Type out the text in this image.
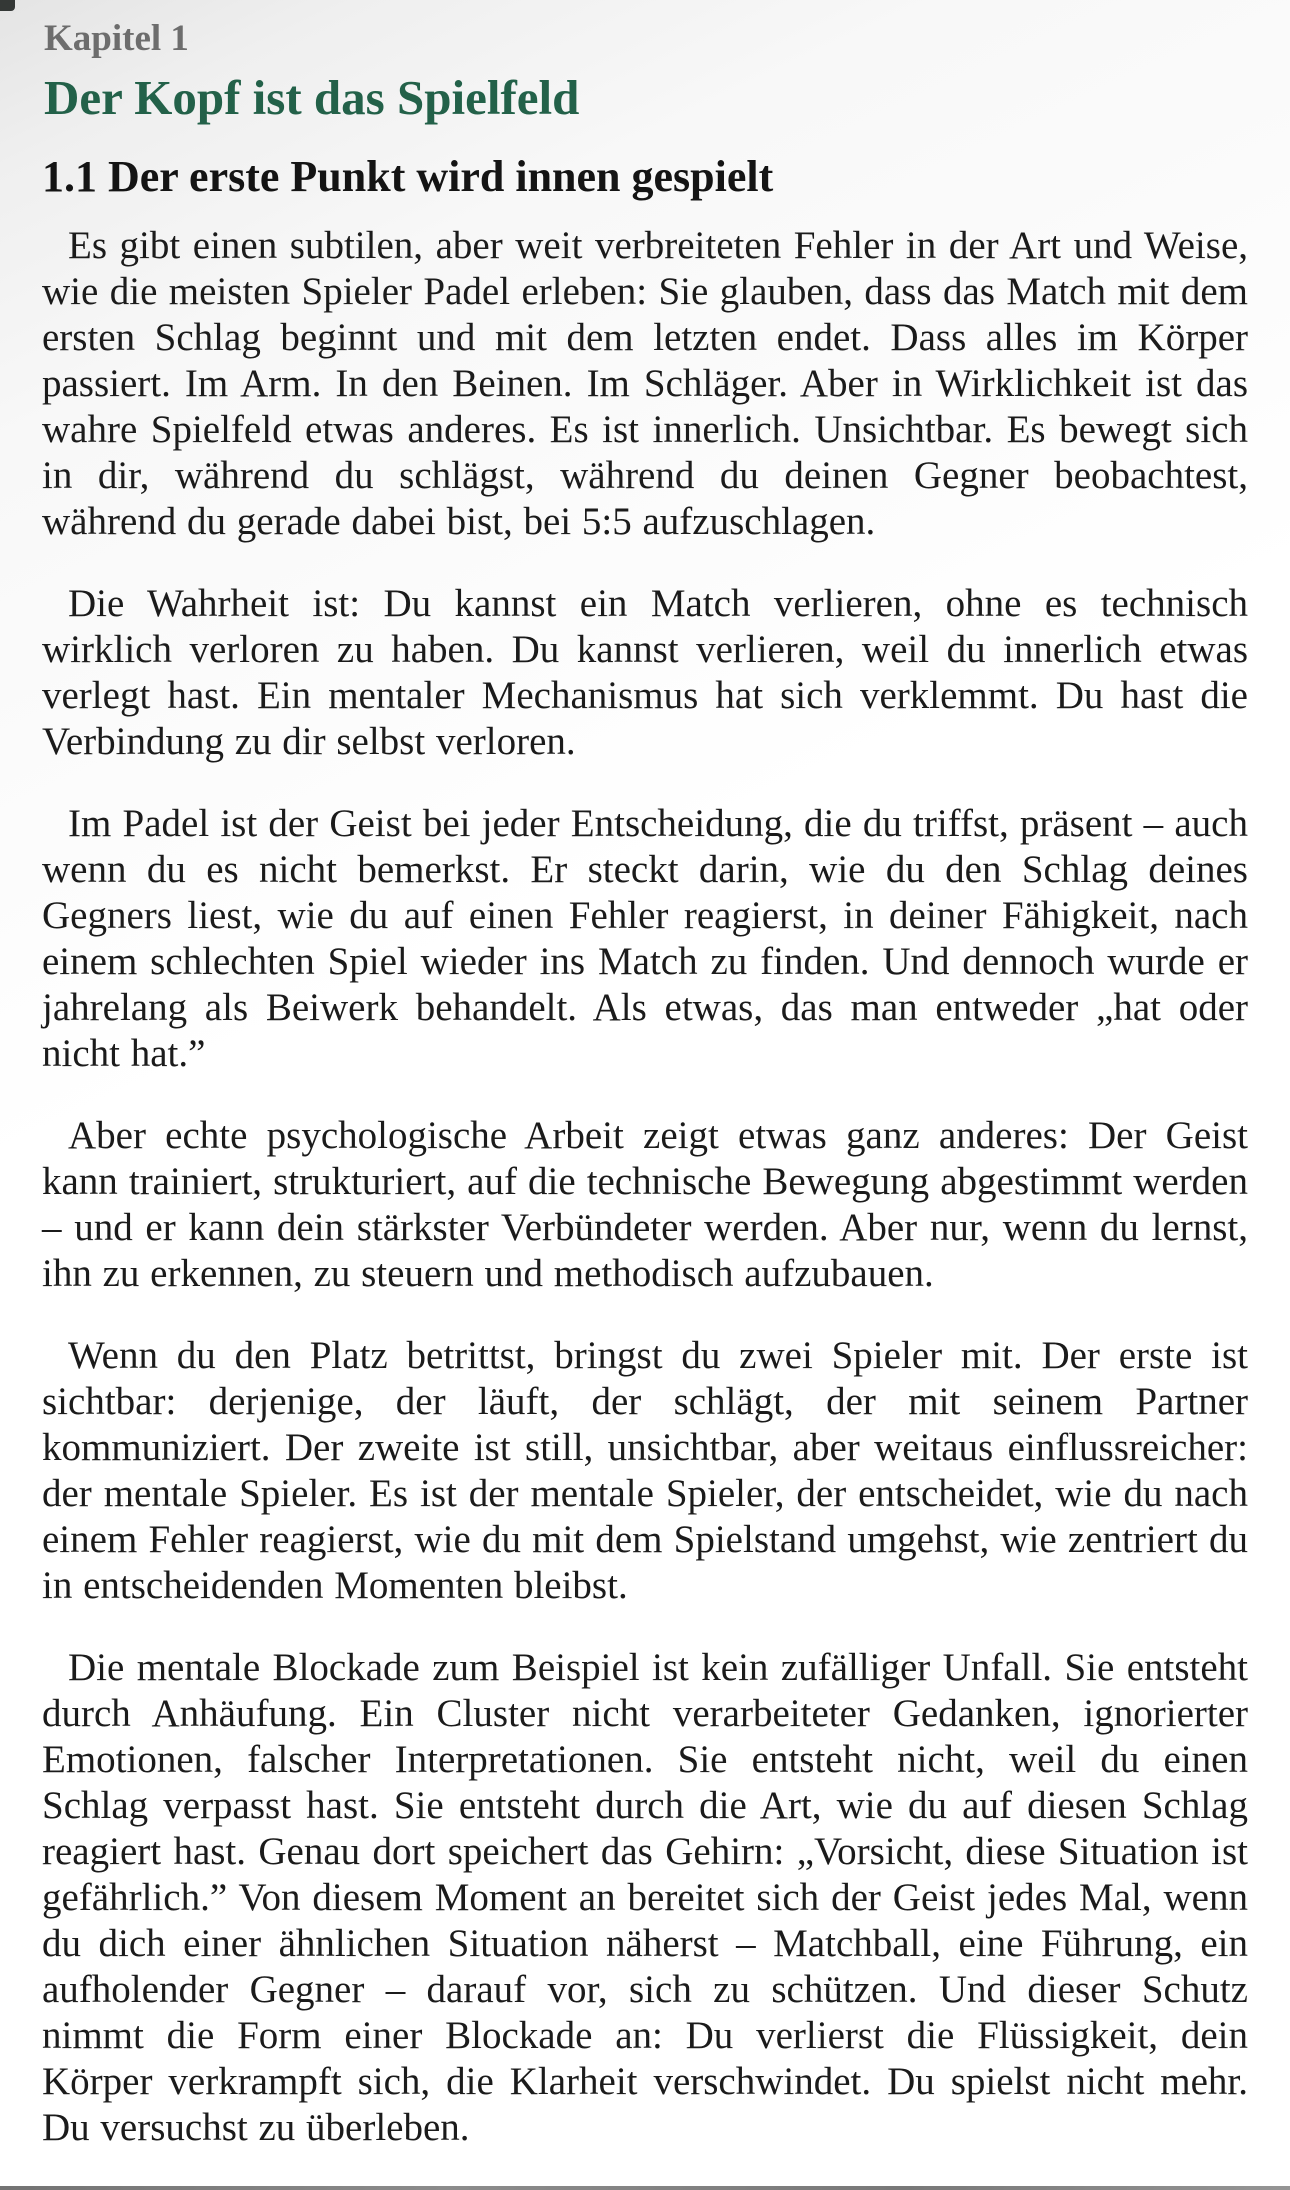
Kapitel 1
Der Kopf ist das Spielfeld
1.1 Der erste Punkt wird innen gespielt

Es gibt einen subtilen, aber weit verbreiteten Fehler in der Art und Weise, wie die meisten Spieler Padel erleben: Sie glauben, dass das Match mit dem ersten Schlag beginnt und mit dem letzten endet. Dass alles im Körper passiert. Im Arm. In den Beinen. Im Schläger. Aber in Wirklichkeit ist das wahre Spielfeld etwas anderes. Es ist innerlich. Unsichtbar. Es bewegt sich in dir, während du schlägst, während du deinen Gegner beobachtest, während du gerade dabei bist, bei 5:5 aufzuschlagen.

Die Wahrheit ist: Du kannst ein Match verlieren, ohne es technisch wirklich verloren zu haben. Du kannst verlieren, weil du innerlich etwas verlegt hast. Ein mentaler Mechanismus hat sich verklemmt. Du hast die Verbindung zu dir selbst verloren.

Im Padel ist der Geist bei jeder Entscheidung, die du triffst, präsent – auch wenn du es nicht bemerkst. Er steckt darin, wie du den Schlag deines Gegners liest, wie du auf einen Fehler reagierst, in deiner Fähigkeit, nach einem schlechten Spiel wieder ins Match zu finden. Und dennoch wurde er jahrelang als Beiwerk behandelt. Als etwas, das man entweder „hat oder nicht hat.”

Aber echte psychologische Arbeit zeigt etwas ganz anderes: Der Geist kann trainiert, strukturiert, auf die technische Bewegung abgestimmt werden – und er kann dein stärkster Verbündeter werden. Aber nur, wenn du lernst, ihn zu erkennen, zu steuern und methodisch aufzubauen.

Wenn du den Platz betrittst, bringst du zwei Spieler mit. Der erste ist sichtbar: derjenige, der läuft, der schlägt, der mit seinem Partner kommuniziert. Der zweite ist still, unsichtbar, aber weitaus einflussreicher: der mentale Spieler. Es ist der mentale Spieler, der entscheidet, wie du nach einem Fehler reagierst, wie du mit dem Spielstand umgehst, wie zentriert du in entscheidenden Momenten bleibst.

Die mentale Blockade zum Beispiel ist kein zufälliger Unfall. Sie entsteht durch Anhäufung. Ein Cluster nicht verarbeiteter Gedanken, ignorierter Emotionen, falscher Interpretationen. Sie entsteht nicht, weil du einen Schlag verpasst hast. Sie entsteht durch die Art, wie du auf diesen Schlag reagiert hast. Genau dort speichert das Gehirn: „Vorsicht, diese Situation ist gefährlich.” Von diesem Moment an bereitet sich der Geist jedes Mal, wenn du dich einer ähnlichen Situation näherst – Matchball, eine Führung, ein aufholender Gegner – darauf vor, sich zu schützen. Und dieser Schutz nimmt die Form einer Blockade an: Du verlierst die Flüssigkeit, dein Körper verkrampft sich, die Klarheit verschwindet. Du spielst nicht mehr. Du versuchst zu überleben.
